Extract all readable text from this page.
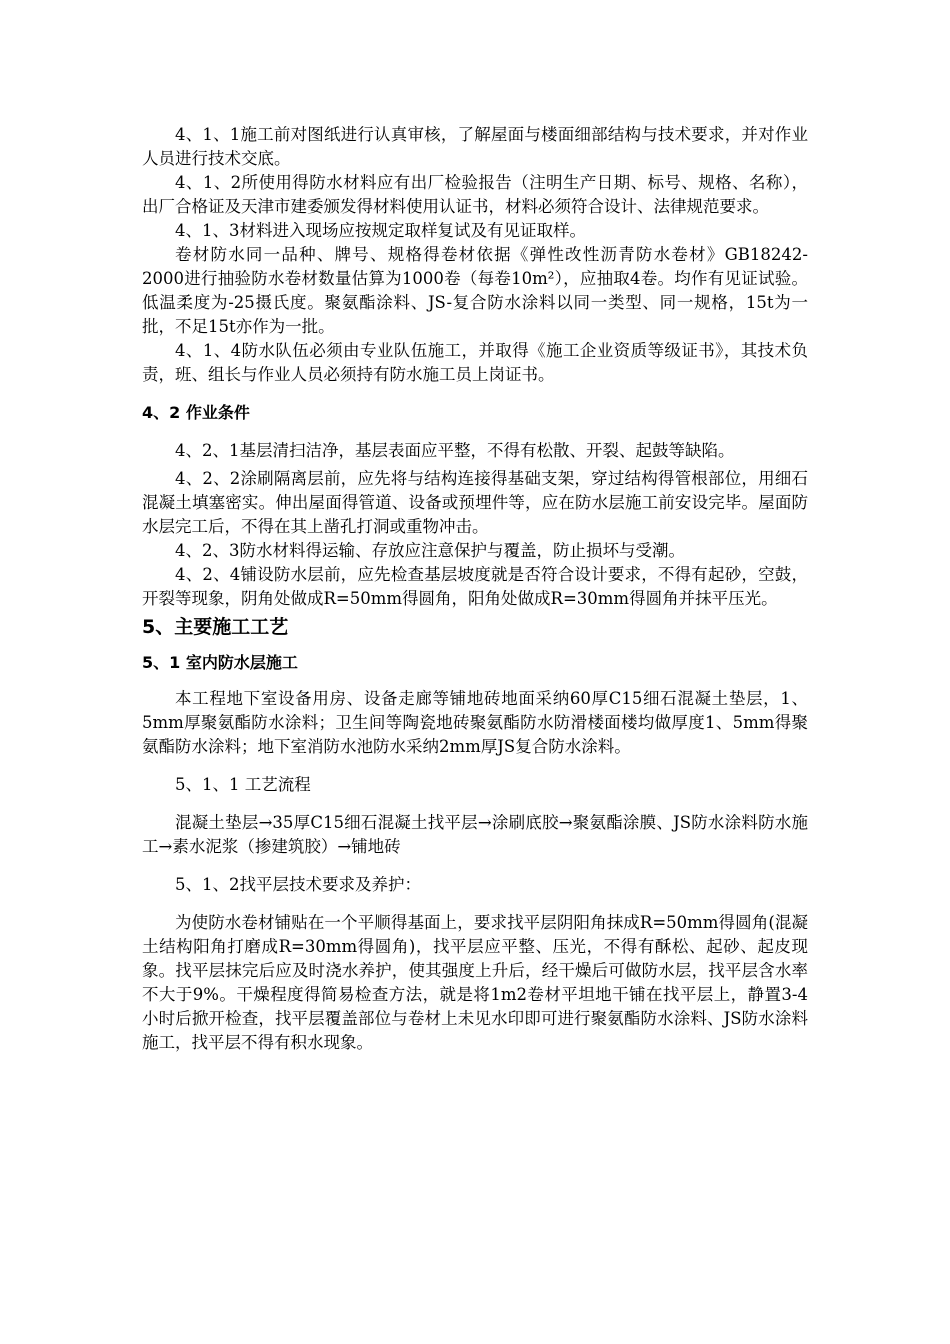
4、1、1施工前对图纸进行认真审核，了解屋面与楼面细部结构与技术要求，并对作业人员进行技术交底。

4、1、2所使用得防水材料应有出厂检验报告（注明生产日期、标号、规格、名称），出厂合格证及天津市建委颁发得材料使用认证书，材料必须符合设计、法律规范要求。

4、1、3材料进入现场应按规定取样复试及有见证取样。

卷材防水同一品种、牌号、规格得卷材依据《弹性改性沥青防水卷材》GB18242-2000进行抽验防水卷材数量估算为1000卷（每卷10m²），应抽取4卷。均作有见证试验。低温柔度为-25摄氏度。聚氨酯涂料、JS-复合防水涂料以同一类型、同一规格，15t为一批，不足15t亦作为一批。

4、1、4防水队伍必须由专业队伍施工，并取得《施工企业资质等级证书》，其技术负责，班、组长与作业人员必须持有防水施工员上岗证书。

4、2 作业条件

4、2、1基层清扫洁净，基层表面应平整，不得有松散、开裂、起鼓等缺陷。

4、2、2涂刷隔离层前，应先将与结构连接得基础支架，穿过结构得管根部位，用细石混凝土填塞密实。伸出屋面得管道、设备或预埋件等，应在防水层施工前安设完毕。屋面防水层完工后，不得在其上凿孔打洞或重物冲击。

4、2、3防水材料得运输、存放应注意保护与覆盖，防止损坏与受潮。

4、2、4铺设防水层前，应先检查基层坡度就是否符合设计要求，不得有起砂，空鼓，开裂等现象，阴角处做成R=50mm得圆角，阳角处做成R=30mm得圆角并抹平压光。

5、主要施工工艺

5、1 室内防水层施工

本工程地下室设备用房、设备走廊等铺地砖地面采纳60厚C15细石混凝土垫层，1、5mm厚聚氨酯防水涂料；卫生间等陶瓷地砖聚氨酯防水防滑楼面楼均做厚度1、5mm得聚氨酯防水涂料；地下室消防水池防水采纳2mm厚JS复合防水涂料。

5、1、1 工艺流程

混凝土垫层→35厚C15细石混凝土找平层→涂刷底胶→聚氨酯涂膜、JS防水涂料防水施工→素水泥浆（掺建筑胶）→铺地砖

5、1、2找平层技术要求及养护：

为使防水卷材铺贴在一个平顺得基面上，要求找平层阴阳角抹成R=50mm得圆角(混凝土结构阳角打磨成R=30mm得圆角)，找平层应平整、压光，不得有酥松、起砂、起皮现象。找平层抹完后应及时浇水养护，使其强度上升后，经干燥后可做防水层，找平层含水率不大于9%。干燥程度得简易检查方法，就是将1m2卷材平坦地干铺在找平层上，静置3-4小时后掀开检查，找平层覆盖部位与卷材上未见水印即可进行聚氨酯防水涂料、JS防水涂料施工，找平层不得有积水现象。
